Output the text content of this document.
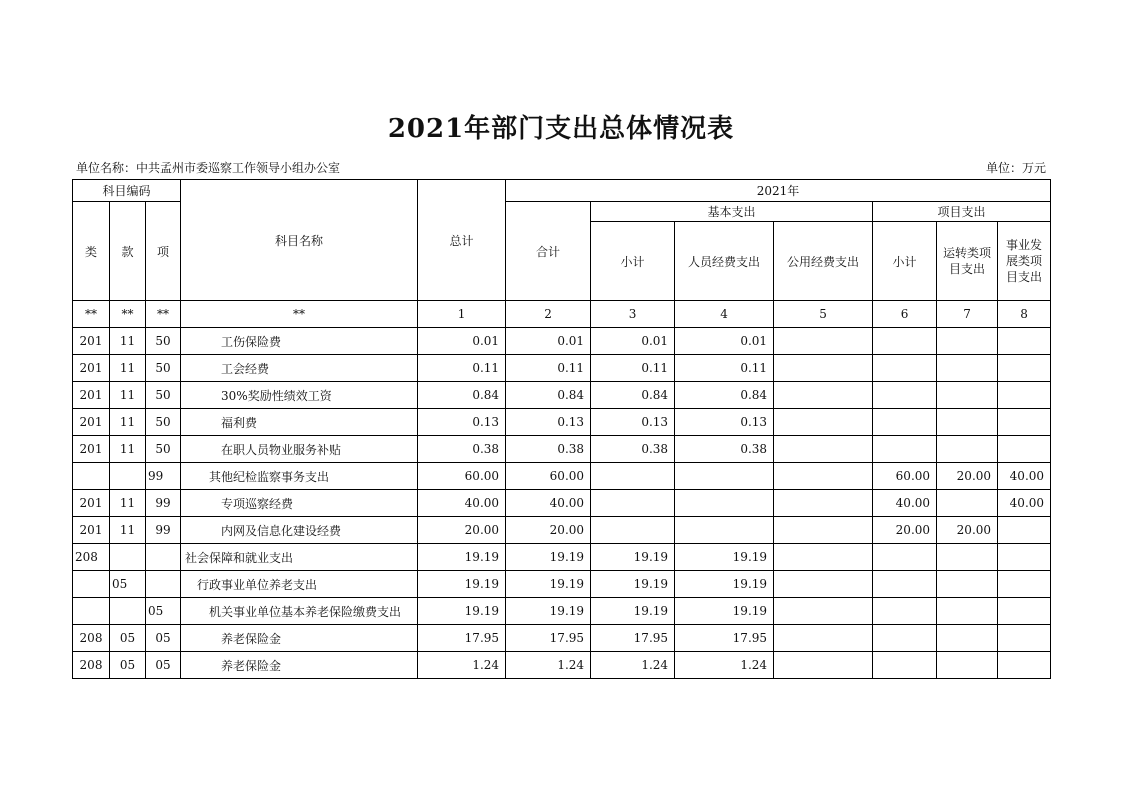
2021年部门支出总体情况表
单位名称：中共孟州市委巡察工作领导小组办公室	单位：万元
科目编码			科目名称	总计	2021年						
类	款	项			合计	基本支出			项目支出		
						小计	人员经费支出	公用经费支出	小计	运转类项目支出	事业发展类项目支出
**	**	**	**	1	2	3	4	5	6	7	8
201	11	50	工伤保险费	0.01	0.01	0.01	0.01				
201	11	50	工会经费	0.11	0.11	0.11	0.11				
201	11	50	30%奖励性绩效工资	0.84	0.84	0.84	0.84				
201	11	50	福利费	0.13	0.13	0.13	0.13				
201	11	50	在职人员物业服务补贴	0.38	0.38	0.38	0.38				
		99	其他纪检监察事务支出	60.00	60.00				60.00	20.00	40.00
201	11	99	专项巡察经费	40.00	40.00				40.00		40.00
201	11	99	内网及信息化建设经费	20.00	20.00				20.00	20.00	
208			社会保障和就业支出	19.19	19.19	19.19	19.19				
	05		行政事业单位养老支出	19.19	19.19	19.19	19.19				
		05	机关事业单位基本养老保险缴费支出	19.19	19.19	19.19	19.19				
208	05	05	养老保险金	17.95	17.95	17.95	17.95				
208	05	05	养老保险金	1.24	1.24	1.24	1.24				
